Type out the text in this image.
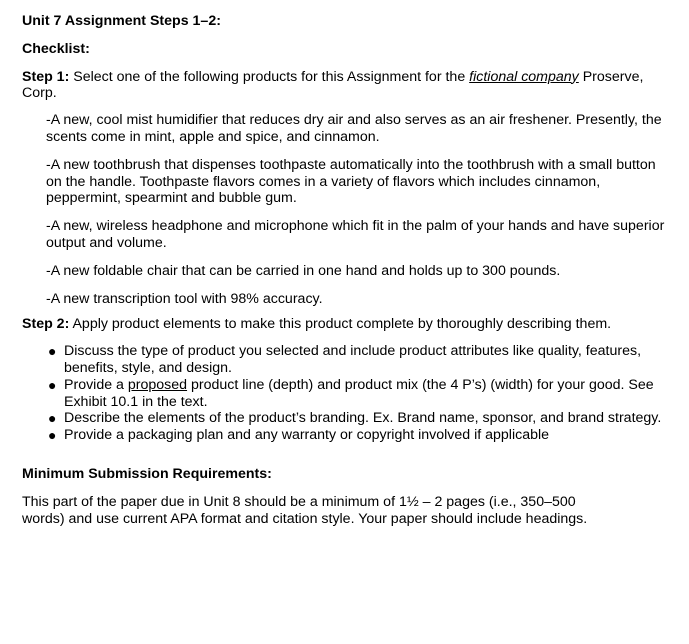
Unit 7 Assignment Steps 1–2:
Checklist:

Step 1: Select one of the following products for this Assignment for the fictional company Proserve, Corp.

-A new, cool mist humidifier that reduces dry air and also serves as an air freshener. Presently, the scents come in mint, apple and spice, and cinnamon.
-A new toothbrush that dispenses toothpaste automatically into the toothbrush with a small button on the handle. Toothpaste flavors comes in a variety of flavors which includes cinnamon, peppermint, spearmint and bubble gum.
-A new, wireless headphone and microphone which fit in the palm of your hands and have superior output and volume.
-A new foldable chair that can be carried in one hand and holds up to 300 pounds.
-A new transcription tool with 98% accuracy.

Step 2: Apply product elements to make this product complete by thoroughly describing them.

● Discuss the type of product you selected and include product attributes like quality, features, benefits, style, and design.
● Provide a proposed product line (depth) and product mix (the 4 P’s) (width) for your good. See Exhibit 10.1 in the text.
● Describe the elements of the product’s branding. Ex. Brand name, sponsor, and brand strategy.
● Provide a packaging plan and any warranty or copyright involved if applicable
Minimum Submission Requirements:

This part of the paper due in Unit 8 should be a minimum of 1½ – 2 pages (i.e., 350–500 words) and use current APA format and citation style. Your paper should include headings.
